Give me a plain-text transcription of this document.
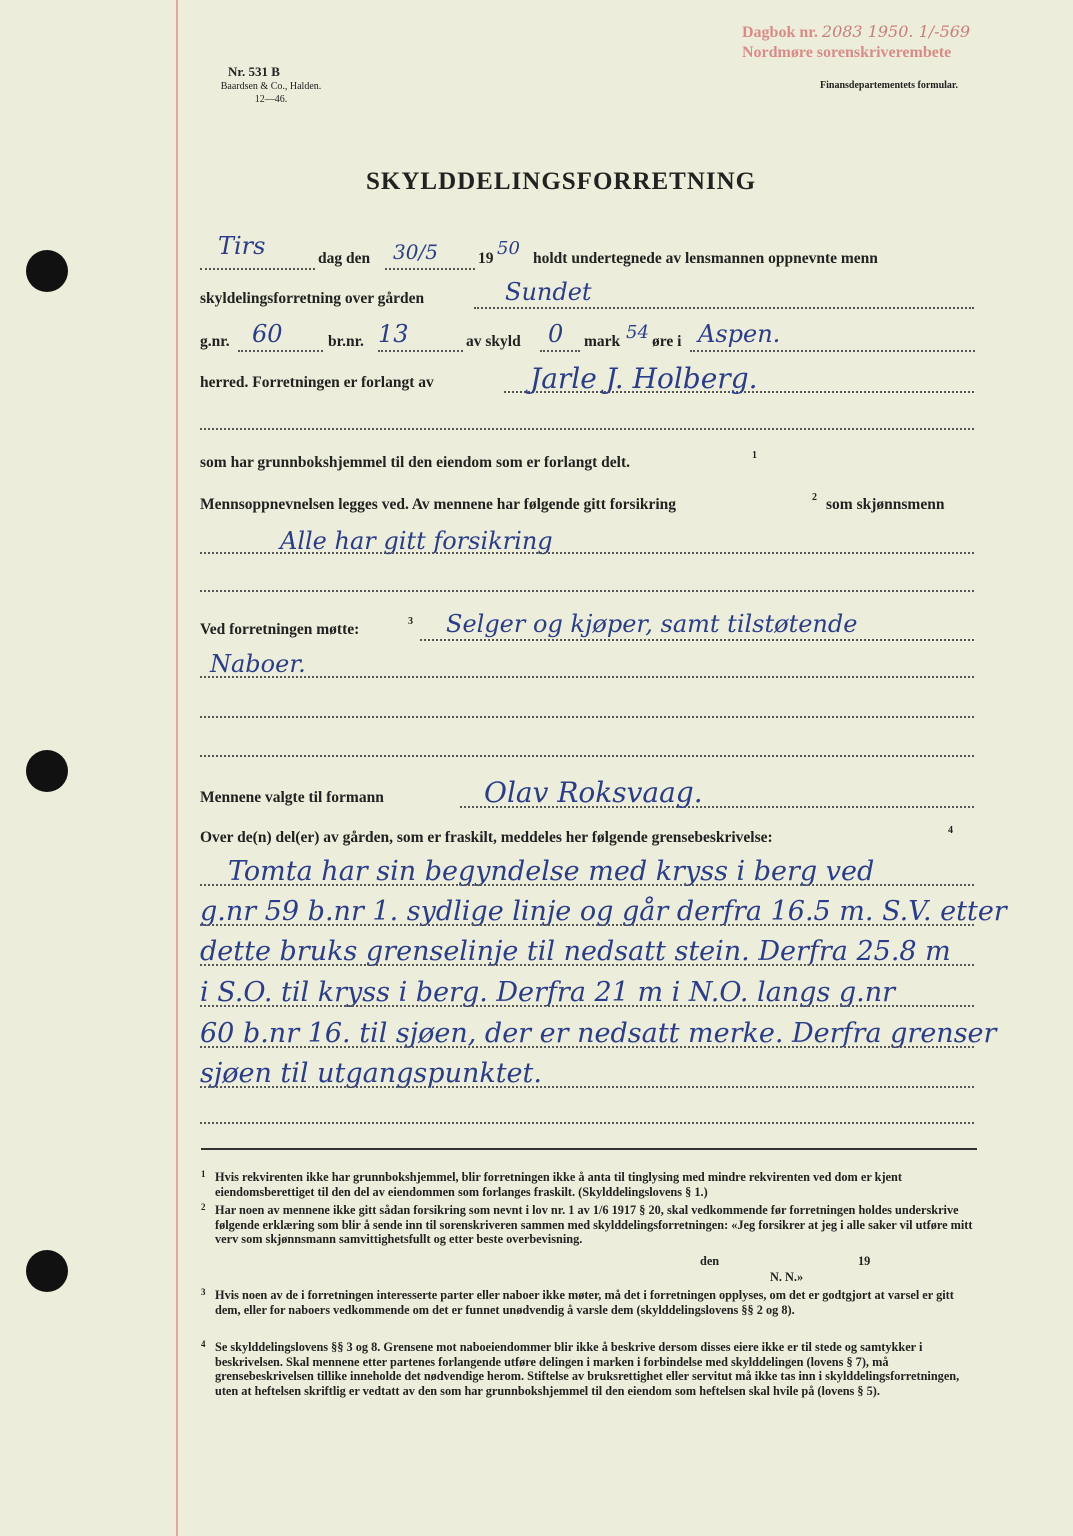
Nr. 531 B
Baardsen & Co., Halden.
12—46.
Dagbok nr. 2083 1950. 1/-569
Nordmøre sorenskriverembete
Finansdepartementets formular.
SKYLDDELINGSFORRETNING
Tirs	dag den 30/5	19 50 holdt undertegnede av lensmannen oppnevnte menn
skyldelingsforretning over gården	Sundet
g.nr. 60	br.nr. 13	av skyld 0 mark 54 øre i Aspen.
herred. Forretningen er forlangt av	Jarle J. Holberg.
som har grunnbokshjemmel til den eiendom som er forlangt delt.	1
Mennsoppnevnelsen legges ved. Av mennene har følgende gitt forsikring	2 som skjønnsmenn
Alle har gitt forsikring
Ved forretningen møtte:	3 Selger og kjøper, samt tilstøtende
Naboer.
Mennene valgte til formann	Olav Roksvaag.
Over de(n) del(er) av gården, som er fraskilt, meddeles her følgende grensebeskrivelse:	4
Tomta har sin begyndelse med kryss i berg ved
g.nr 59 b.nr 1. sydlige linje og går derfra 16.5 m. S.V. etter
dette bruks grenselinje til nedsatt stein. Derfra 25.8 m
i S.O. til kryss i berg. Derfra 21 m i N.O. langs g.nr
60 b.nr 16. til sjøen, der er nedsatt merke. Derfra grenser
sjøen til utgangspunktet.
1 Hvis rekvirenten ikke har grunnbokshjemmel, blir forretningen ikke å anta til tinglysing med mindre rekvirenten ved dom er kjent eiendomsberettiget til den del av eiendommen som forlanges fraskilt. (Skylddelingslovens § 1.)
2 Har noen av mennene ikke gitt sådan forsikring som nevnt i lov nr. 1 av 1/6 1917 § 20, skal vedkommende før forretningen holdes underskrive følgende erklæring som blir å sende inn til sorenskriveren sammen med skylddelingsforretningen: «Jeg forsikrer at jeg i alle saker vil utføre mitt verv som skjønnsmann samvittighetsfullt og etter beste overbevisning.
den	19
N. N.»
3 Hvis noen av de i forretningen interesserte parter eller naboer ikke møter, må det i forretningen opplyses, om det er godtgjort at varsel er gitt dem, eller for naboers vedkommende om det er funnet unødvendig å varsle dem (skylddelingslovens §§ 2 og 8).
4 Se skylddelingslovens §§ 3 og 8. Grensene mot naboeiendommer blir ikke å beskrive dersom disses eiere ikke er til stede og samtykker i beskrivelsen. Skal mennene etter partenes forlangende utføre delingen i marken i forbindelse med skylddelingen (lovens § 7), må grensebeskrivelsen tillike inneholde det nødvendige herom. Stiftelse av bruksrettighet eller servitut må ikke tas inn i skylddelingsforretningen, uten at heftelsen skriftlig er vedtatt av den som har grunnbokshjemmel til den eiendom som heftelsen skal hvile på (lovens § 5).
